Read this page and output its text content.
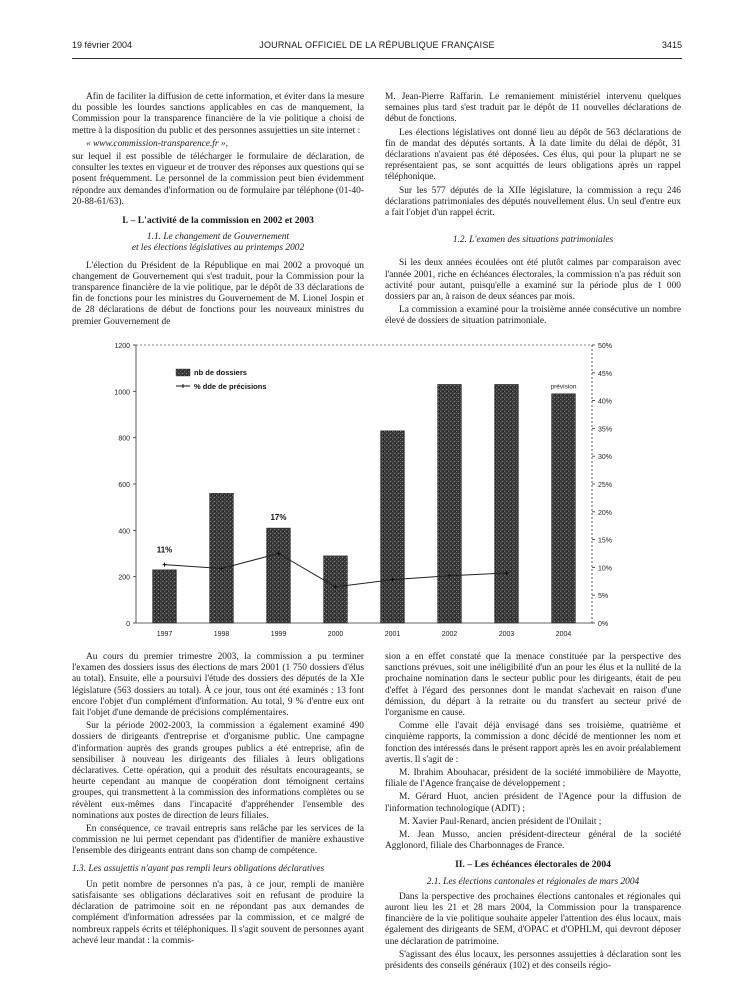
19 février 2004	JOURNAL OFFICIEL DE LA RÉPUBLIQUE FRANÇAISE	3415

Afin de faciliter la diffusion de cette information, et éviter dans la mesure du possible les lourdes sanctions applicables en cas de manquement, la Commission pour la transparence financière de la vie politique a choisi de mettre à la disposition du public et des personnes assujetties un site internet :

« www.commission-transparence.fr »,

sur lequel il est possible de télécharger le formulaire de déclaration, de consulter les textes en vigueur et de trouver des réponses aux questions qui se posent fréquemment. Le personnel de la commission peut bien évidemment répondre aux demandes d'information ou de formulaire par téléphone (01-40-20-88-61/63).

I. – L'activité de la commission en 2002 et 2003
1.1. Le changement de Gouvernement
et les élections législatives au printemps 2002

L'élection du Président de la République en mai 2002 a provoqué un changement de Gouvernement qui s'est traduit, pour la Commission pour la transparence financière de la vie politique, par le dépôt de 33 déclarations de fin de fonctions pour les ministres du Gouvernement de M. Lionel Jospin et de 28 déclarations de début de fonctions pour les nouveaux ministres du premier Gouvernement de

M. Jean-Pierre Raffarin. Le remaniement ministériel intervenu quelques semaines plus tard s'est traduit par le dépôt de 11 nouvelles déclarations de début de fonctions.

Les élections législatives ont donné lieu au dépôt de 563 déclarations de fin de mandat des députés sortants. À la date limite du délai de dépôt, 31 déclarations n'avaient pas été déposées. Ces élus, qui pour la plupart ne se représentaient pas, se sont acquittés de leurs obligations après un rappel téléphonique.

Sur les 577 députés de la XIIe législature, la commission a reçu 246 déclarations patrimoniales des députés nouvellement élus. Un seul d'entre eux a fait l'objet d'un rappel écrit.

1.2. L'examen des situations patrimoniales

Si les deux années écoulées ont été plutôt calmes par comparaison avec l'année 2001, riche en échéances électorales, la commission n'a pas réduit son activité pour autant, puisqu'elle a examiné sur la période plus de 1 000 dossiers par an, à raison de deux séances par mois.

La commission a examiné pour la troisième année consécutive un nombre élevé de dossiers de situation patrimoniale.

0
200
400
600
800
1000
1200
0%
5%
10%
15%
20%
25%
30%
35%
40%
45%
50%
1997	1998	1999	2000	2001	2002	2003	2004
11%
17%
prévision
nb de dossiers
% dde de précisions

Au cours du premier trimestre 2003, la commission a pu terminer l'examen des dossiers issus des élections de mars 2001 (1 750 dossiers d'élus au total). Ensuite, elle a poursuivi l'étude des dossiers des députés de la XIe législature (563 dossiers au total). À ce jour, tous ont été examinés : 13 font encore l'objet d'un complément d'information. Au total, 9 % d'entre eux ont fait l'objet d'une demande de précisions complémentaires.

Sur la période 2002-2003, la commission a également examiné 490 dossiers de dirigeants d'entreprise et d'organisme public. Une campagne d'information auprès des grands groupes publics a été entreprise, afin de sensibiliser à nouveau les dirigeants des filiales à leurs obligations déclaratives. Cette opération, qui a produit des résultats encourageants, se heurte cependant au manque de coopération dont témoignent certains groupes, qui transmettent à la commission des informations complètes ou se révèlent eux-mêmes dans l'incapacité d'appréhender l'ensemble des nominations aux postes de direction de leurs filiales.

En conséquence, ce travail entrepris sans relâche par les services de la commission ne lui permet cependant pas d'identifier de manière exhaustive l'ensemble des dirigeants entrant dans son champ de compétence.

1.3. Les assujettis n'ayant pas rempli leurs obligations déclaratives

Un petit nombre de personnes n'a pas, à ce jour, rempli de manière satisfaisante ses obligations déclaratives soit en refusant de produire la déclaration de patrimoine soit en ne répondant pas aux demandes de complément d'information adressées par la commission, et ce malgré de nombreux rappels écrits et téléphoniques. Il s'agit souvent de personnes ayant achevé leur mandat : la commis-

sion a en effet constaté que la menace constituée par la perspective des sanctions prévues, soit une inéligibilité d'un an pour les élus et la nullité de la prochaine nomination dans le secteur public pour les dirigeants, était de peu d'effet à l'égard des personnes dont le mandat s'achevait en raison d'une démission, du départ à la retraite ou du transfert au secteur privé de l'organisme en cause.

Comme elle l'avait déjà envisagé dans ses troisième, quatrième et cinquième rapports, la commission a donc décidé de mentionner les nom et fonction des intéressés dans le présent rapport après les en avoir préalablement avertis. Il s'agit de :

M. Ibrahim Abouhacar, président de la société immobilière de Mayotte, filiale de l'Agence française de développement ;

M. Gérard Huot, ancien président de l'Agence pour la diffusion de l'information technologique (ADIT) ;

M. Xavier Paul-Renard, ancien président de l'Onilait ;

M. Jean Musso, ancien président-directeur général de la société Agglonord, filiale des Charbonnages de France.

II. – Les échéances électorales de 2004
2.1. Les élections cantonales et régionales de mars 2004

Dans la perspective des prochaines élections cantonales et régionales qui auront lieu les 21 et 28 mars 2004, la Commission pour la transparence financière de la vie politique souhaite appeler l'attention des élus locaux, mais également des dirigeants de SEM, d'OPAC et d'OPHLM, qui devront déposer une déclaration de patrimoine.

S'agissant des élus locaux, les personnes assujetties à déclaration sont les présidents des conseils généraux (102) et des conseils régio-
